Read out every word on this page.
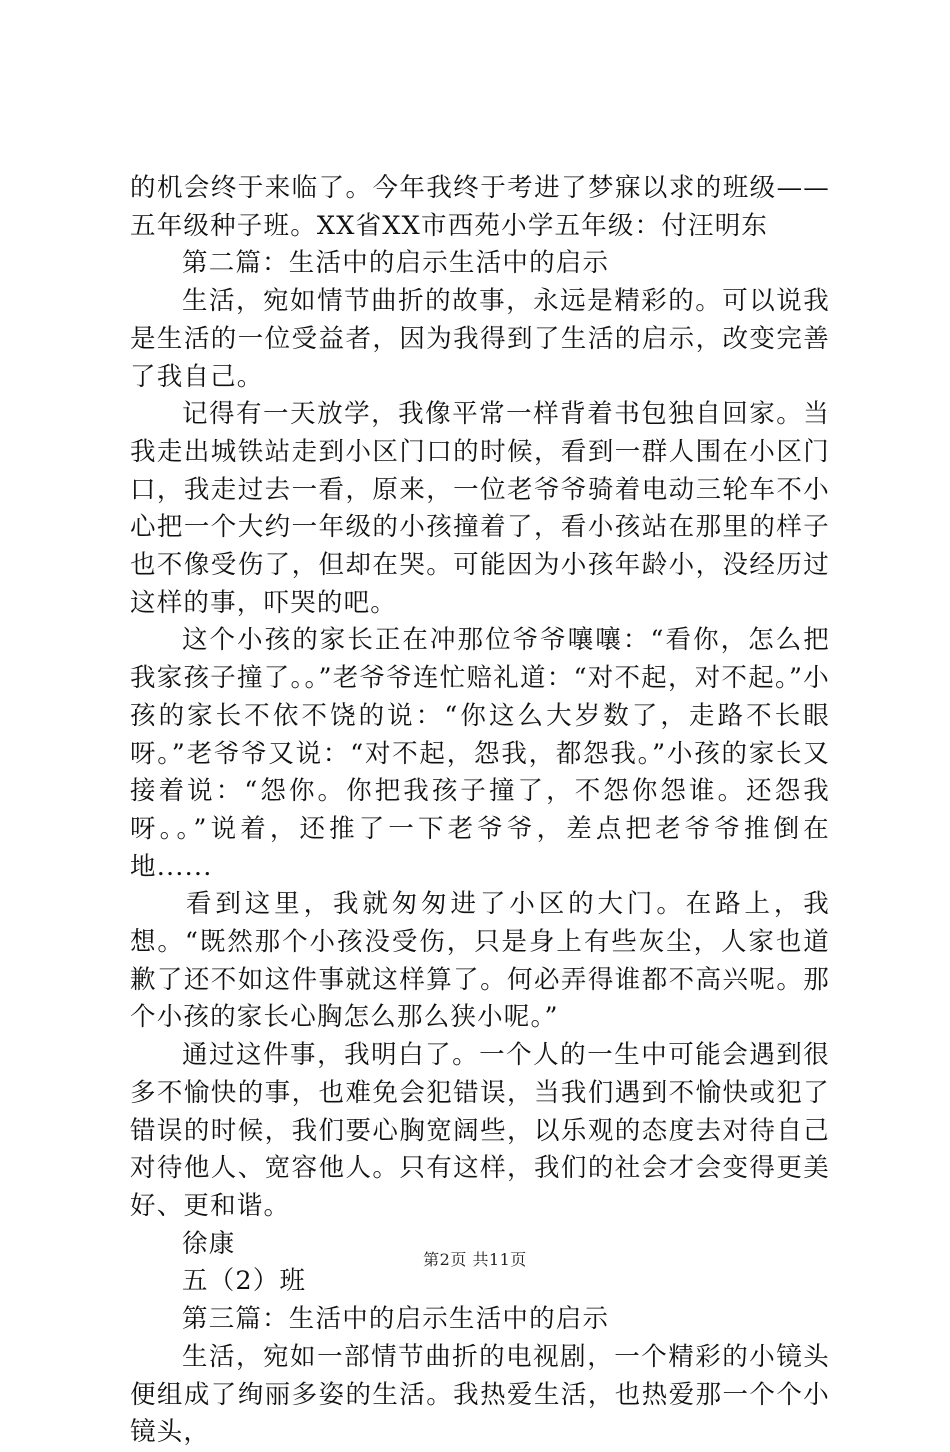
的机会终于来临了。今年我终于考进了梦寐以求的班级——五年级种子班。XX省XX市西苑小学五年级：付汪明东

第二篇：生活中的启示生活中的启示

生活，宛如情节曲折的故事，永远是精彩的。可以说我是生活的一位受益者，因为我得到了生活的启示，改变完善了我自己。

记得有一天放学，我像平常一样背着书包独自回家。当我走出城铁站走到小区门口的时候，看到一群人围在小区门口，我走过去一看，原来，一位老爷爷骑着电动三轮车不小心把一个大约一年级的小孩撞着了，看小孩站在那里的样子也不像受伤了，但却在哭。可能因为小孩年龄小，没经历过这样的事，吓哭的吧。

这个小孩的家长正在冲那位爷爷嚷嚷：“看你，怎么把我家孩子撞了。。”老爷爷连忙赔礼道：“对不起，对不起。”小孩的家长不依不饶的说：“你这么大岁数了，走路不长眼呀。”老爷爷又说：“对不起，怨我，都怨我。”小孩的家长又接着说：“怨你。你把我孩子撞了，不怨你怨谁。还怨我呀。。”说着，还推了一下老爷爷，差点把老爷爷推倒在地......

看到这里，我就匆匆进了小区的大门。在路上，我想。“既然那个小孩没受伤，只是身上有些灰尘，人家也道歉了还不如这件事就这样算了。何必弄得谁都不高兴呢。那个小孩的家长心胸怎么那么狭小呢。”

通过这件事，我明白了。一个人的一生中可能会遇到很多不愉快的事，也难免会犯错误，当我们遇到不愉快或犯了错误的时候，我们要心胸宽阔些，以乐观的态度去对待自己对待他人、宽容他人。只有这样，我们的社会才会变得更美好、更和谐。

徐康

五（2）班

第三篇：生活中的启示生活中的启示

生活，宛如一部情节曲折的电视剧，一个精彩的小镜头便组成了绚丽多姿的生活。我热爱生活，也热爱那一个个小镜头，

第2页 共11页
